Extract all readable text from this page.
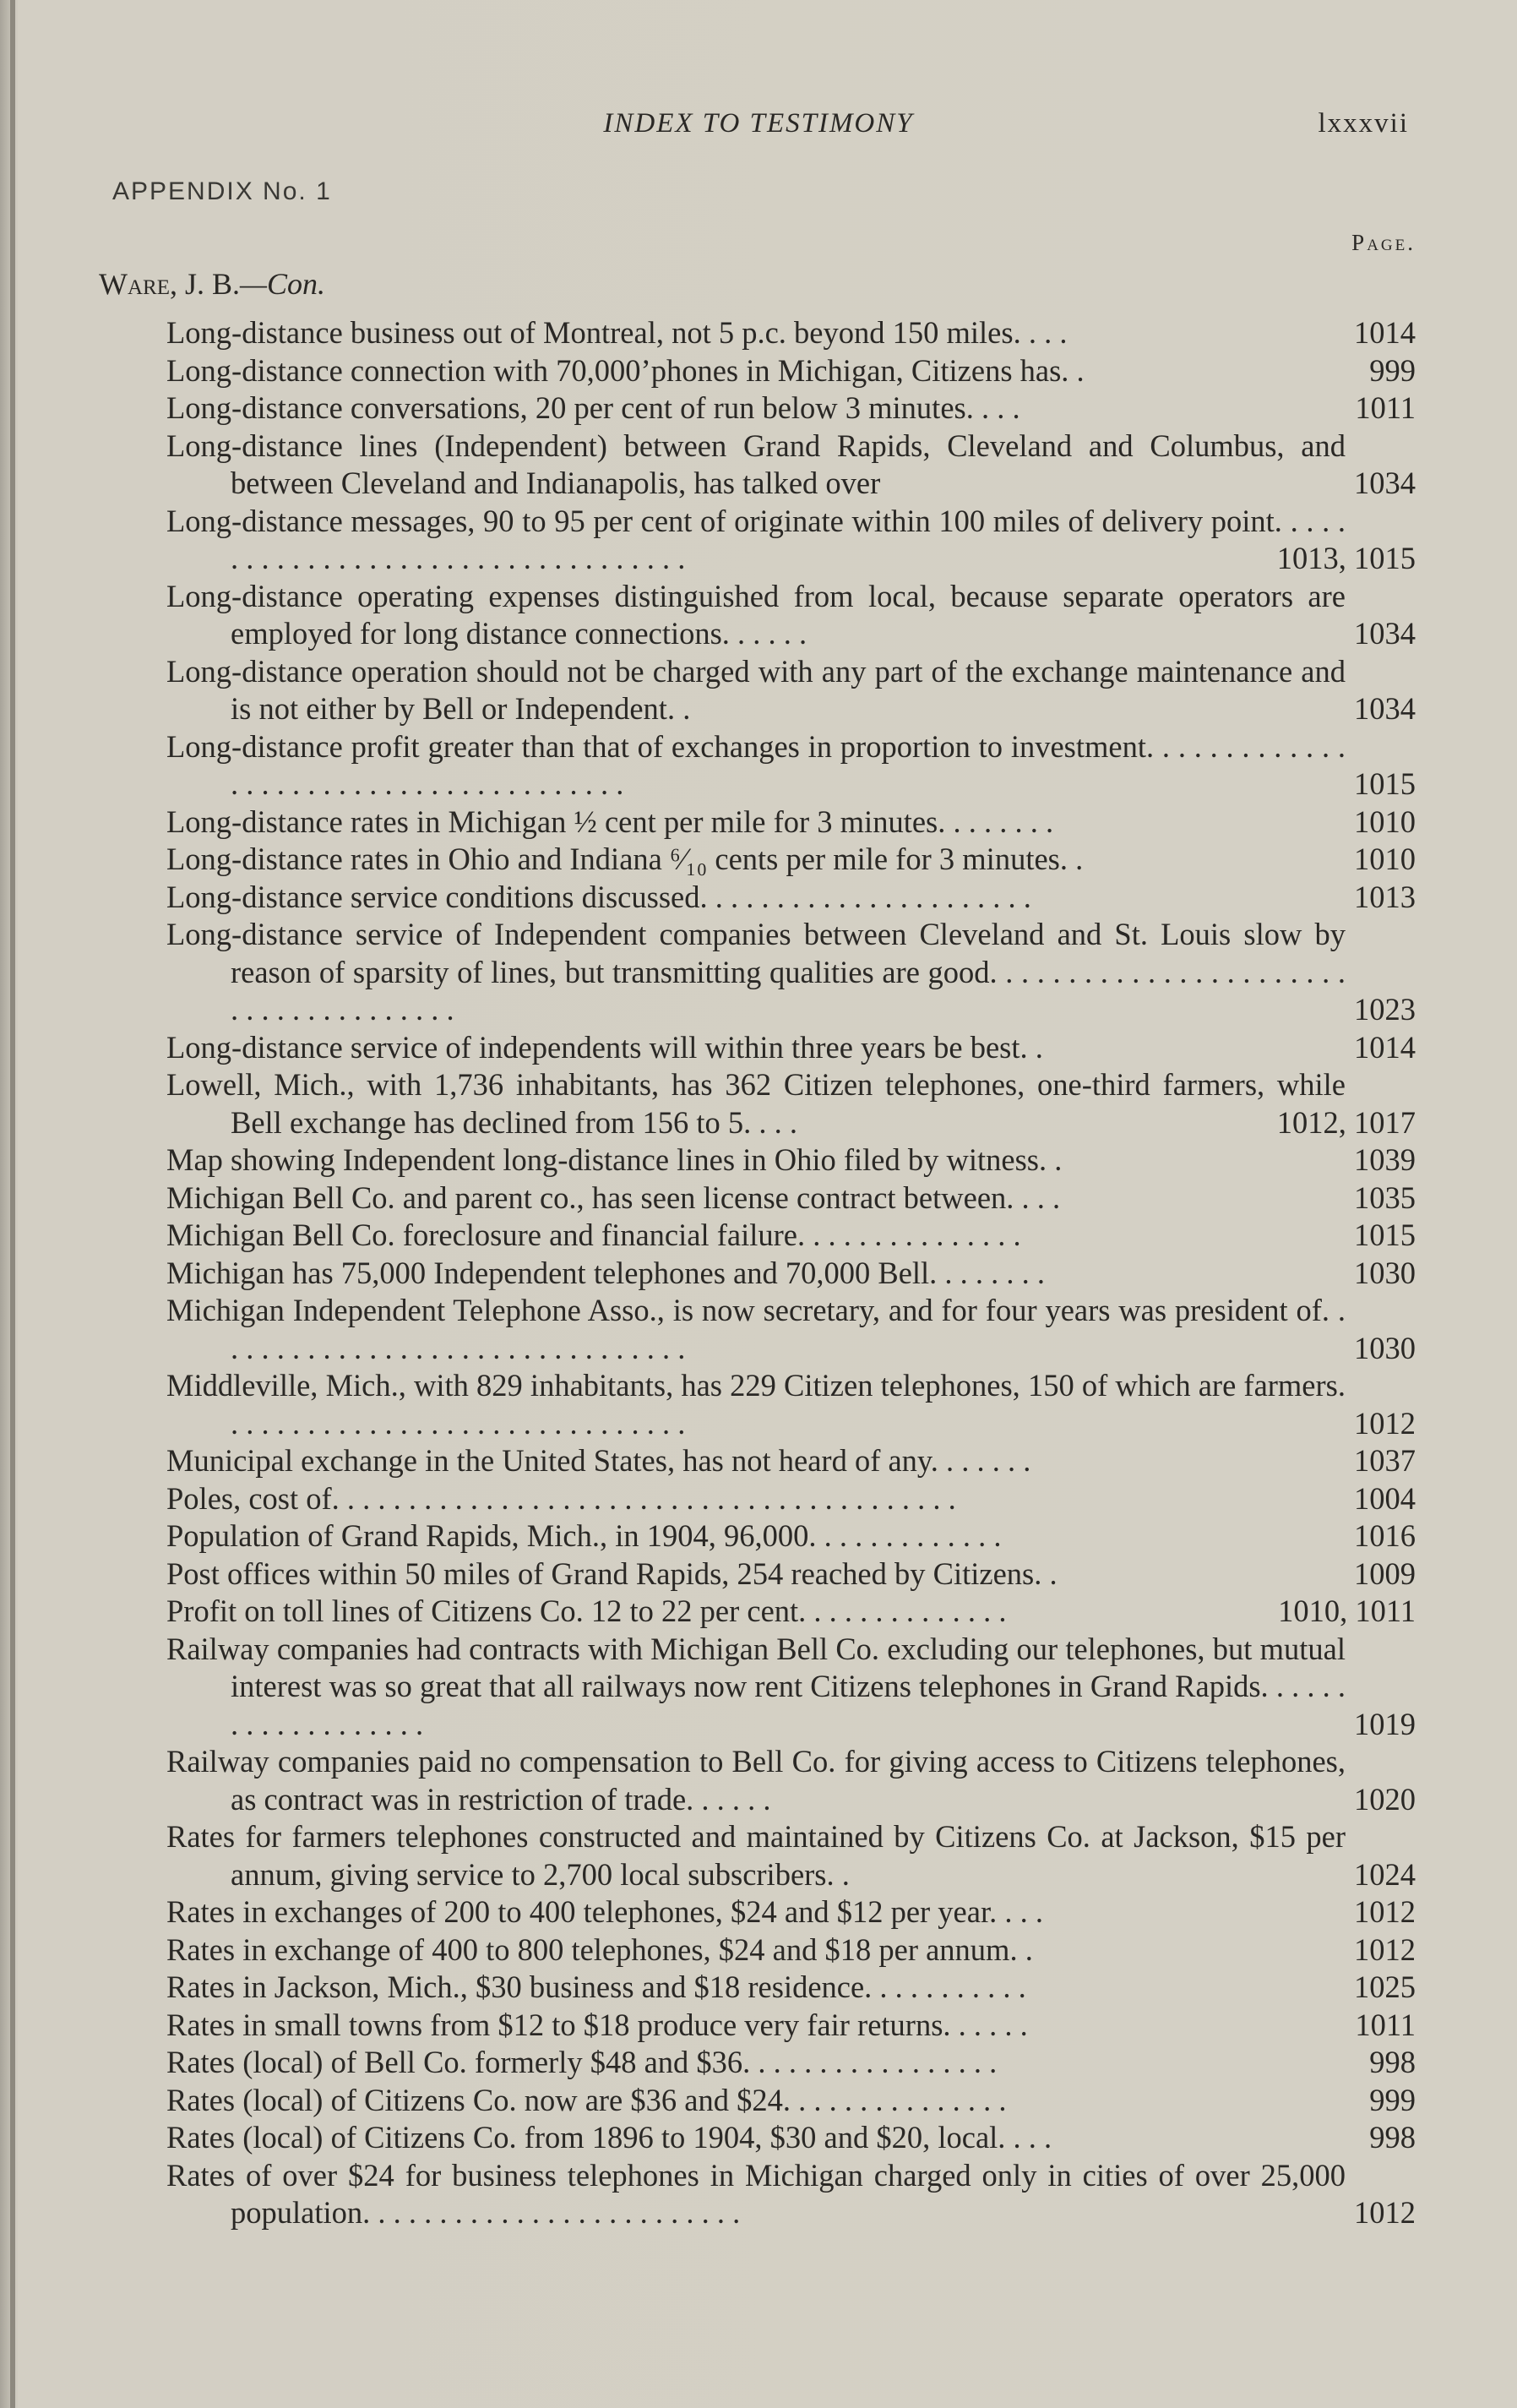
INDEX TO TESTIMONY	lxxxvii
APPENDIX No. 1
Page.
Ware, J. B.—Con.
Long-distance business out of Montreal, not 5 p.c. beyond 150 miles. . . .	1014
Long-distance connection with 70,000’phones in Michigan, Citizens has. .	999
Long-distance conversations, 20 per cent of run below 3 minutes. . . .	1011
Long-distance lines (Independent) between Grand Rapids, Cleveland and Columbus, and between Cleveland and Indianapolis, has talked over	1034
Long-distance messages, 90 to 95 per cent of originate within 100 miles of delivery point. . . . . . . . . . . . . . . . . . . . . . . . . . . . . . . . . . .	1013, 1015
Long-distance operating expenses distinguished from local, because separate operators are employed for long distance connections. . . . . .	1034
Long-distance operation should not be charged with any part of the exchange maintenance and is not either by Bell or Independent. .	1034
Long-distance profit greater than that of exchanges in proportion to investment. . . . . . . . . . . . . . . . . . . . . . . . . . . . . . . . . . . . . . .	1015
Long-distance rates in Michigan ½ cent per mile for 3 minutes. . . . . . . .	1010
Long-distance rates in Ohio and Indiana ⁶⁄₁₀ cents per mile for 3 minutes. .	1010
Long-distance service conditions discussed. . . . . . . . . . . . . . . . . . . . . .	1013
Long-distance service of Independent companies between Cleveland and St. Louis slow by reason of sparsity of lines, but transmitting qualities are good. . . . . . . . . . . . . . . . . . . . . . . . . . . . . . . . . . . . . .	1023
Long-distance service of independents will within three years be best. .	1014
Lowell, Mich., with 1,736 inhabitants, has 362 Citizen telephones, one-third farmers, while Bell exchange has declined from 156 to 5. . . .	1012, 1017
Map showing Independent long-distance lines in Ohio filed by witness. .	1039
Michigan Bell Co. and parent co., has seen license contract between. . . .	1035
Michigan Bell Co. foreclosure and financial failure. . . . . . . . . . . . . . .	1015
Michigan has 75,000 Independent telephones and 70,000 Bell. . . . . . . .	1030
Michigan Independent Telephone Asso., is now secretary, and for four years was president of. . . . . . . . . . . . . . . . . . . . . . . . . . . . . . . .	1030
Middleville, Mich., with 829 inhabitants, has 229 Citizen telephones, 150 of which are farmers. . . . . . . . . . . . . . . . . . . . . . . . . . . . . . .	1012
Municipal exchange in the United States, has not heard of any. . . . . . .	1037
Poles, cost of. . . . . . . . . . . . . . . . . . . . . . . . . . . . . . . . . . . . . . . . .	1004
Population of Grand Rapids, Mich., in 1904, 96,000. . . . . . . . . . . . .	1016
Post offices within 50 miles of Grand Rapids, 254 reached by Citizens. .	1009
Profit on toll lines of Citizens Co. 12 to 22 per cent. . . . . . . . . . . . . .	1010, 1011
Railway companies had contracts with Michigan Bell Co. excluding our telephones, but mutual interest was so great that all railways now rent Citizens telephones in Grand Rapids. . . . . . . . . . . . . . . . . . .	1019
Railway companies paid no compensation to Bell Co. for giving access to Citizens telephones, as contract was in restriction of trade. . . . . .	1020
Rates for farmers telephones constructed and maintained by Citizens Co. at Jackson, $15 per annum, giving service to 2,700 local subscribers. .	1024
Rates in exchanges of 200 to 400 telephones, $24 and $12 per year. . . .	1012
Rates in exchange of 400 to 800 telephones, $24 and $18 per annum. .	1012
Rates in Jackson, Mich., $30 business and $18 residence. . . . . . . . . . .	1025
Rates in small towns from $12 to $18 produce very fair returns. . . . . .	1011
Rates (local) of Bell Co. formerly $48 and $36. . . . . . . . . . . . . . . . .	998
Rates (local) of Citizens Co. now are $36 and $24. . . . . . . . . . . . . . .	999
Rates (local) of Citizens Co. from 1896 to 1904, $30 and $20, local. . . .	998
Rates of over $24 for business telephones in Michigan charged only in cities of over 25,000 population. . . . . . . . . . . . . . . . . . . . . . . . .	1012
